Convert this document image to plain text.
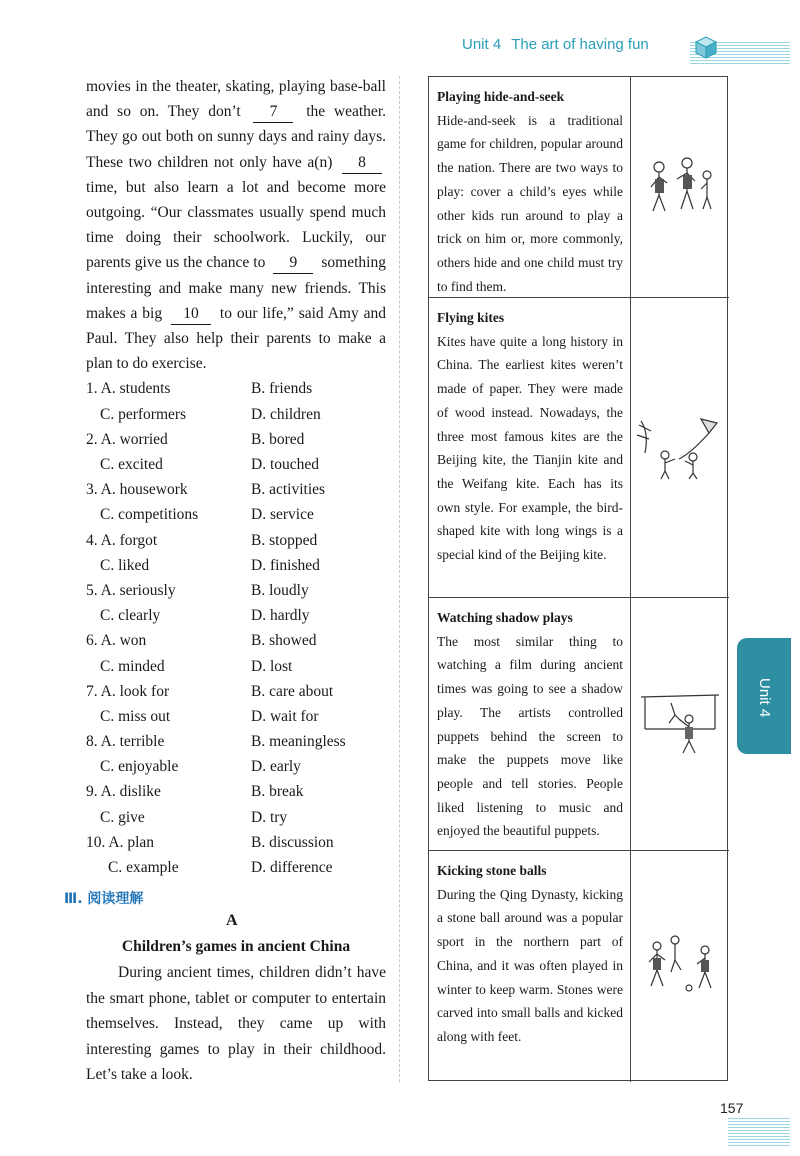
Unit 4 The art of having fun
movies in the theater, skating, playing base-ball and so on. They don’t 7 the weather. They go out both on sunny days and rainy days. These two children not only have a(n) 8 time, but also learn a lot and become more outgoing. “Our classmates usually spend much time doing their schoolwork. Luckily, our parents give us the chance to 9 something interesting and make many new friends. This makes a big 10 to our life,” said Amy and Paul. They also help their parents to make a plan to do exercise.
1. A. students	B. friends
C. performers	D. children
2. A. worried	B. bored
C. excited	D. touched
3. A. housework	B. activities
C. competitions	D. service
4. A. forgot	B. stopped
C. liked	D. finished
5. A. seriously	B. loudly
C. clearly	D. hardly
6. A. won	B. showed
C. minded	D. lost
7. A. look for	B. care about
C. miss out	D. wait for
8. A. terrible	B. meaningless
C. enjoyable	D. early
9. A. dislike	B. break
C. give	D. try
10. A. plan	B. discussion
C. example	D. difference
Ⅲ. 阅读理解
A
Children’s games in ancient China
During ancient times, children didn’t have the smart phone, tablet or computer to entertain themselves. Instead, they came up with interesting games to play in their childhood. Let’s take a look.
Playing hide-and-seek
Hide-and-seek is a traditional game for children, popular around the nation. There are two ways to play: cover a child’s eyes while other kids run around to play a trick on him or, more commonly, others hide and one child must try to find them.
Flying kites
Kites have quite a long history in China. The earliest kites weren’t made of paper. They were made of wood instead. Nowadays, the three most famous kites are the Beijing kite, the Tianjin kite and the Weifang kite. Each has its own style. For example, the bird-shaped kite with long wings is a special kind of the Beijing kite.
Watching shadow plays
The most similar thing to watching a film during ancient times was going to see a shadow play. The artists controlled puppets behind the screen to make the puppets move like people and tell stories. People liked listening to music and enjoyed the beautiful puppets.
Kicking stone balls
During the Qing Dynasty, kicking a stone ball around was a popular sport in the northern part of China, and it was often played in winter to keep warm. Stones were carved into small balls and kicked along with feet.
Unit 4
157
